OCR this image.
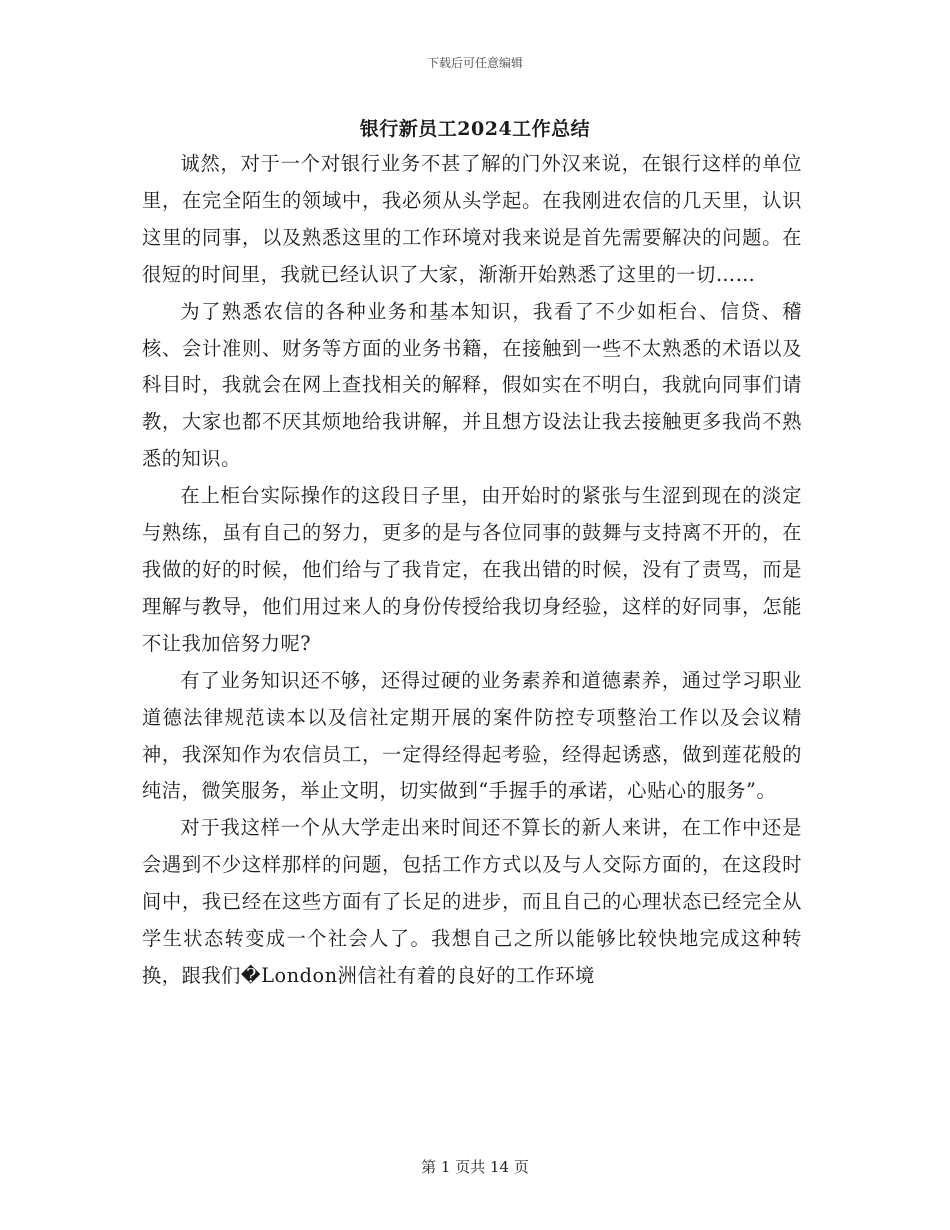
下载后可任意编辑
银行新员工2024工作总结

诚然，对于一个对银行业务不甚了解的门外汉来说，在银行这样的单位里，在完全陌生的领域中，我必须从头学起。在我刚进农信的几天里，认识这里的同事，以及熟悉这里的工作环境对我来说是首先需要解决的问题。在很短的时间里，我就已经认识了大家，渐渐开始熟悉了这里的一切……

为了熟悉农信的各种业务和基本知识，我看了不少如柜台、信贷、稽核、会计准则、财务等方面的业务书籍，在接触到一些不太熟悉的术语以及科目时，我就会在网上查找相关的解释，假如实在不明白，我就向同事们请教，大家也都不厌其烦地给我讲解，并且想方设法让我去接触更多我尚不熟悉的知识。

在上柜台实际操作的这段日子里，由开始时的紧张与生涩到现在的淡定与熟练，虽有自己的努力，更多的是与各位同事的鼓舞与支持离不开的，在我做的好的时候，他们给与了我肯定，在我出错的时候，没有了责骂，而是理解与教导，他们用过来人的身份传授给我切身经验，这样的好同事，怎能不让我加倍努力呢?

有了业务知识还不够，还得过硬的业务素养和道德素养，通过学习职业道德法律规范读本以及信社定期开展的案件防控专项整治工作以及会议精神，我深知作为农信员工，一定得经得起考验，经得起诱惑，做到莲花般的纯洁，微笑服务，举止文明，切实做到“手握手的承诺，心贴心的服务”。

对于我这样一个从大学走出来时间还不算长的新人来讲，在工作中还是会遇到不少这样那样的问题，包括工作方式以及与人交际方面的，在这段时间中，我已经在这些方面有了长足的进步，而且自己的心理状态已经完全从学生状态转变成一个社会人了。我想自己之所以能够比较快地完成这种转换，跟我们�London洲信社有着的良好的工作环境

第 1 页共 14 页
